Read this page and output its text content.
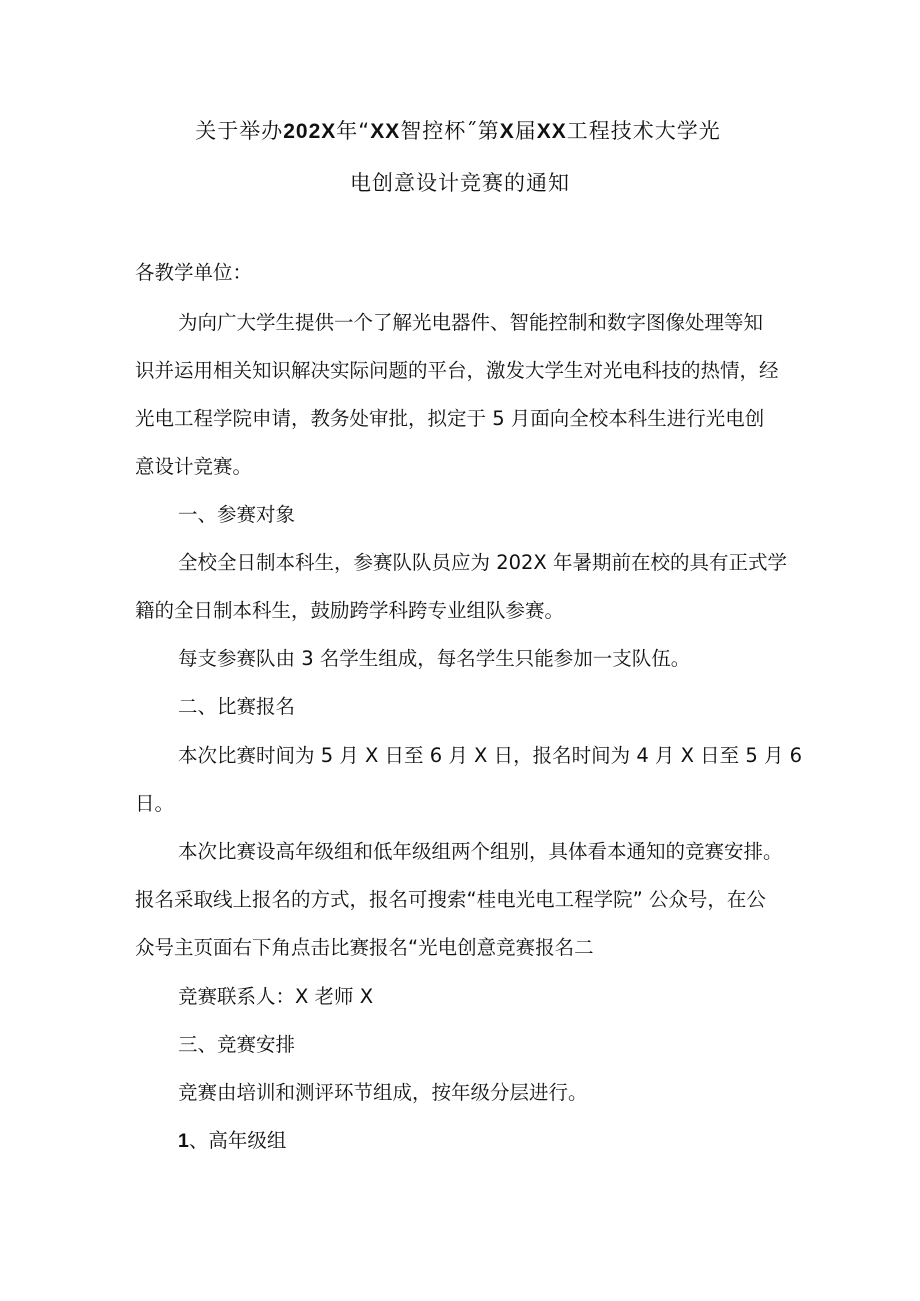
关于举办202X年“XX智控杯˝第X届XX工程技术大学光
电创意设计竞赛的通知
各教学单位：
为向广大学生提供一个了解光电器件、智能控制和数字图像处理等知
识并运用相关知识解决实际问题的平台，激发大学生对光电科技的热情，经
光电工程学院申请，教务处审批，拟定于 5 月面向全校本科生进行光电创
意设计竞赛。
一、参赛对象
全校全日制本科生，参赛队队员应为 202X 年暑期前在校的具有正式学
籍的全日制本科生，鼓励跨学科跨专业组队参赛。
每支参赛队由 3 名学生组成，每名学生只能参加一支队伍。
二、比赛报名
本次比赛时间为 5 月 X 日至 6 月 X 日，报名时间为 4 月 X 日至 5 月 6
日。
本次比赛设高年级组和低年级组两个组别，具体看本通知的竞赛安排。
报名采取线上报名的方式，报名可搜索“桂电光电工程学院” 公众号，在公
众号主页面右下角点击比赛报名“光电创意竞赛报名二
竞赛联系人：X 老师 X
三、竞赛安排
竞赛由培训和测评环节组成，按年级分层进行。
1、高年级组
